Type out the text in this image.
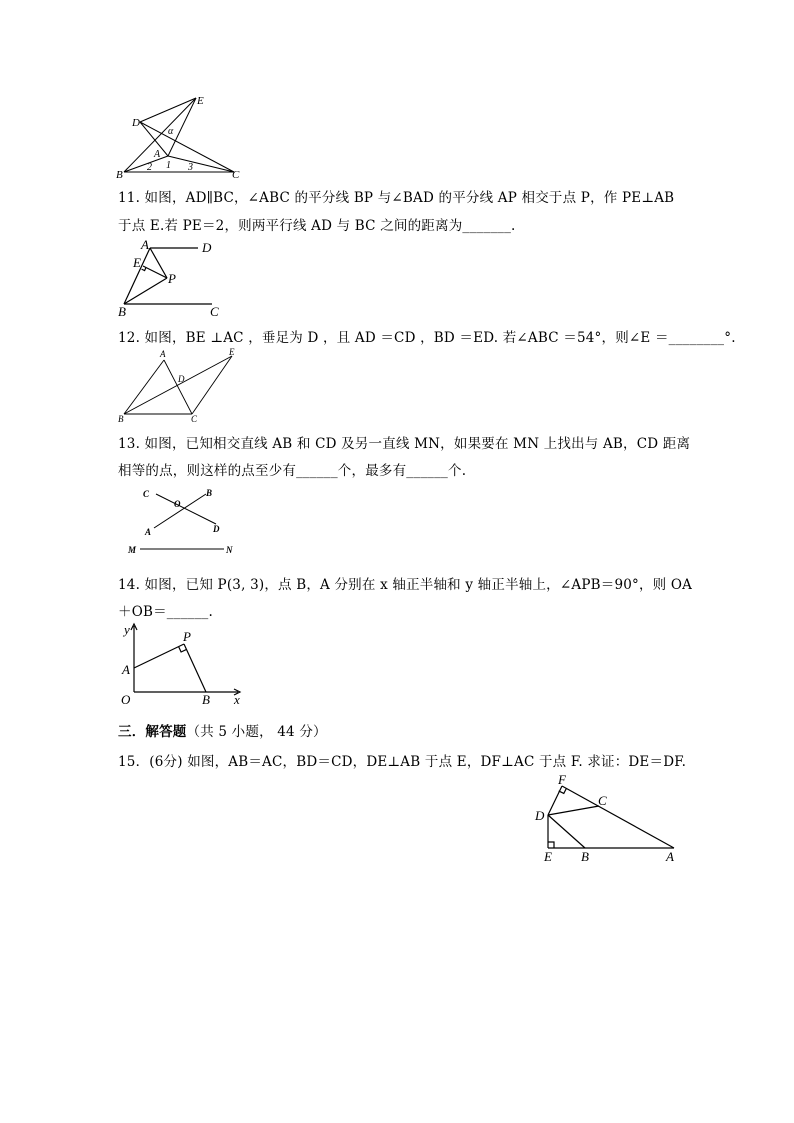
D
E
α
A
2 1 3
B	C
11. 如图，AD∥BC，∠ABC 的平分线 BP 与∠BAD 的平分线 AP 相交于点 P，作 PE⊥AB
于点 E.若 PE＝2，则两平行线 AD 与 BC 之间的距离为_______.
A	D
E
P
B	C
12. 如图，BE ⊥AC ，垂足为 D ，且 AD ＝CD ，BD ＝ED. 若∠ABC ＝54°，则∠E ＝________°.
A	E
D
B	C
13. 如图，已知相交直线 AB 和 CD 及另一直线 MN，如果要在 MN 上找出与 AB，CD 距离
相等的点，则这样的点至少有______个，最多有______个.
C
O
B
A	D
M	N
14. 如图，已知 P(3, 3)，点 B，A 分别在 x 轴正半轴和 y 轴正半轴上，∠APB＝90°，则 OA
＋OB＝______.
y	P
A
O	B x
三．解答题（共 5 小题， 44 分）
15．(6分) 如图，AB＝AC，BD＝CD，DE⊥AB 于点 E，DF⊥AC 于点 F. 求证：DE＝DF.
F
C
D
E B	A
